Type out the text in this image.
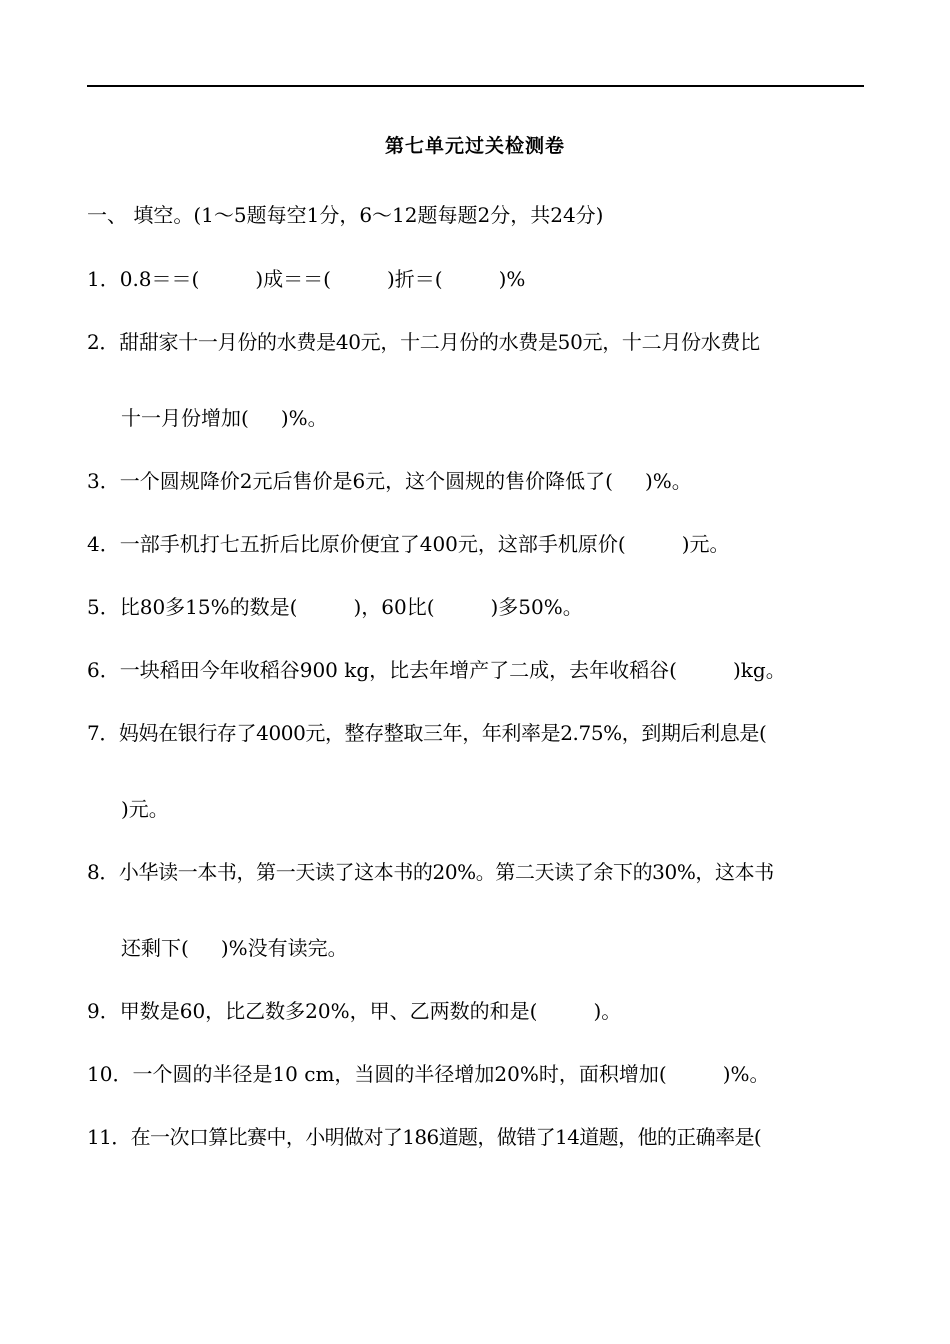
第七单元过关检测卷
一、 填空。(1～5题每空1分，6～12题每题2分，共24分)
1．0.8＝＝(	)成＝＝(	)折＝(	)%
2．甜甜家十一月份的水费是40元，十二月份的水费是50元，十二月份水费比
十一月份增加( )%。
3．一个圆规降价2元后售价是6元，这个圆规的售价降低了( )%。
4．一部手机打七五折后比原价便宜了400元，这部手机原价(	)元。
5．比80多15%的数是(	)，60比(	)多50%。
6．一块稻田今年收稻谷900 kg，比去年增产了二成，去年收稻谷(	)kg。
7．妈妈在银行存了4000元，整存整取三年，年利率是2.75%，到期后利息是(
)元。
8．小华读一本书，第一天读了这本书的20%。第二天读了余下的30%，这本书
还剩下( )%没有读完。
9．甲数是60，比乙数多20%，甲、乙两数的和是(	)。
10．一个圆的半径是10 cm，当圆的半径增加20%时，面积增加(	)%。
11．在一次口算比赛中，小明做对了186道题，做错了14道题，他的正确率是(
